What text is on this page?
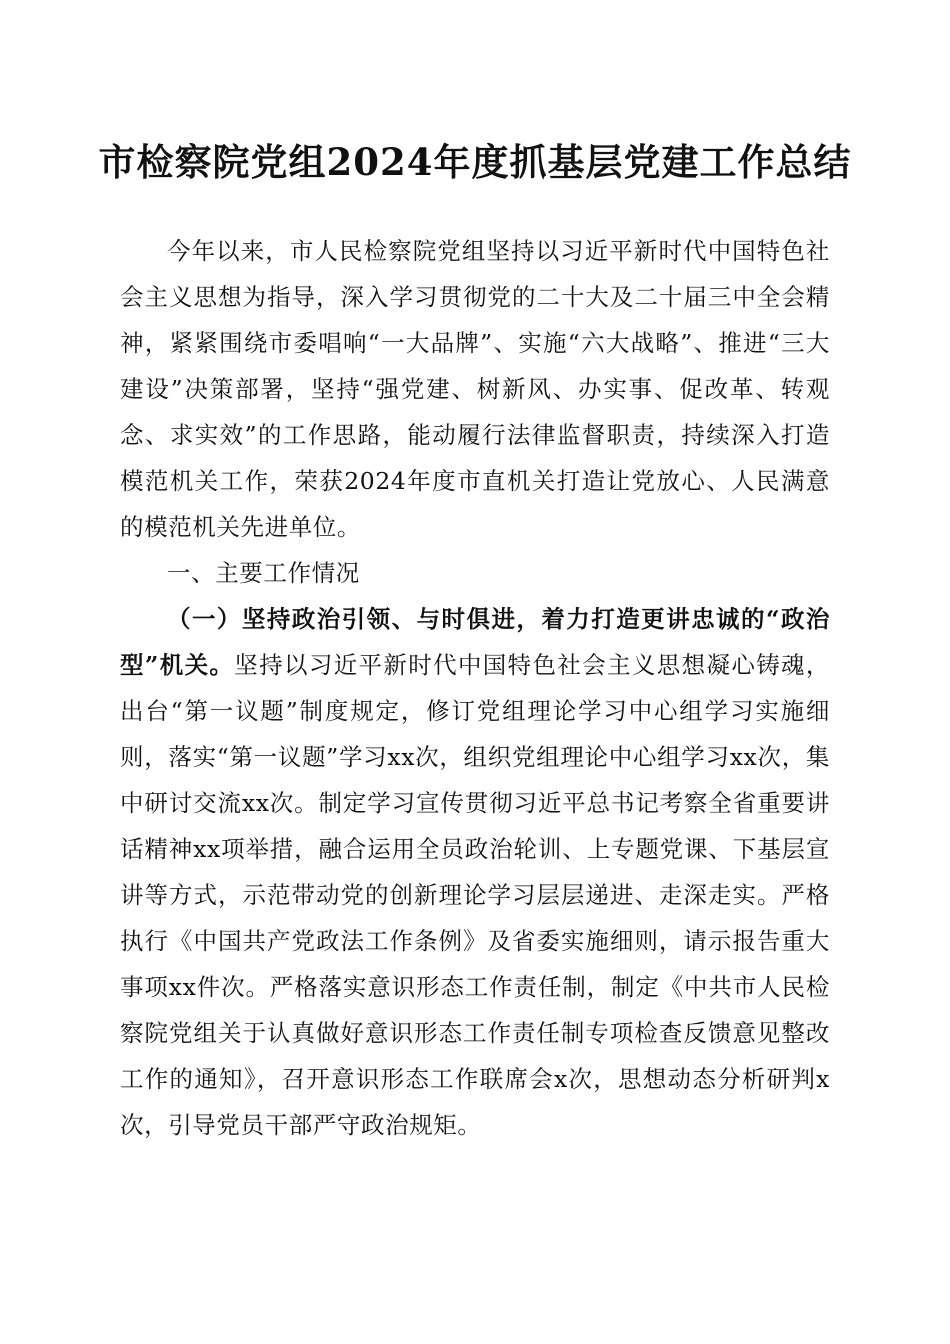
市检察院党组2024年度抓基层党建工作总结

今年以来，市人民检察院党组坚持以习近平新时代中国特色社会主义思想为指导，深入学习贯彻党的二十大及二十届三中全会精神，紧紧围绕市委唱响“一大品牌”、实施“六大战略”、推进“三大建设”决策部署，坚持“强党建、树新风、办实事、促改革、转观念、求实效”的工作思路，能动履行法律监督职责，持续深入打造模范机关工作，荣获2024年度市直机关打造让党放心、人民满意的模范机关先进单位。

一、主要工作情况

（一）坚持政治引领、与时俱进，着力打造更讲忠诚的“政治型”机关。坚持以习近平新时代中国特色社会主义思想凝心铸魂，出台“第一议题”制度规定，修订党组理论学习中心组学习实施细则，落实“第一议题”学习xx次，组织党组理论中心组学习xx次，集中研讨交流xx次。制定学习宣传贯彻习近平总书记考察全省重要讲话精神xx项举措，融合运用全员政治轮训、上专题党课、下基层宣讲等方式，示范带动党的创新理论学习层层递进、走深走实。严格执行《中国共产党政法工作条例》及省委实施细则，请示报告重大事项xx件次。严格落实意识形态工作责任制，制定《中共市人民检察院党组关于认真做好意识形态工作责任制专项检查反馈意见整改工作的通知》，召开意识形态工作联席会x次，思想动态分析研判x次，引导党员干部严守政治规矩。
